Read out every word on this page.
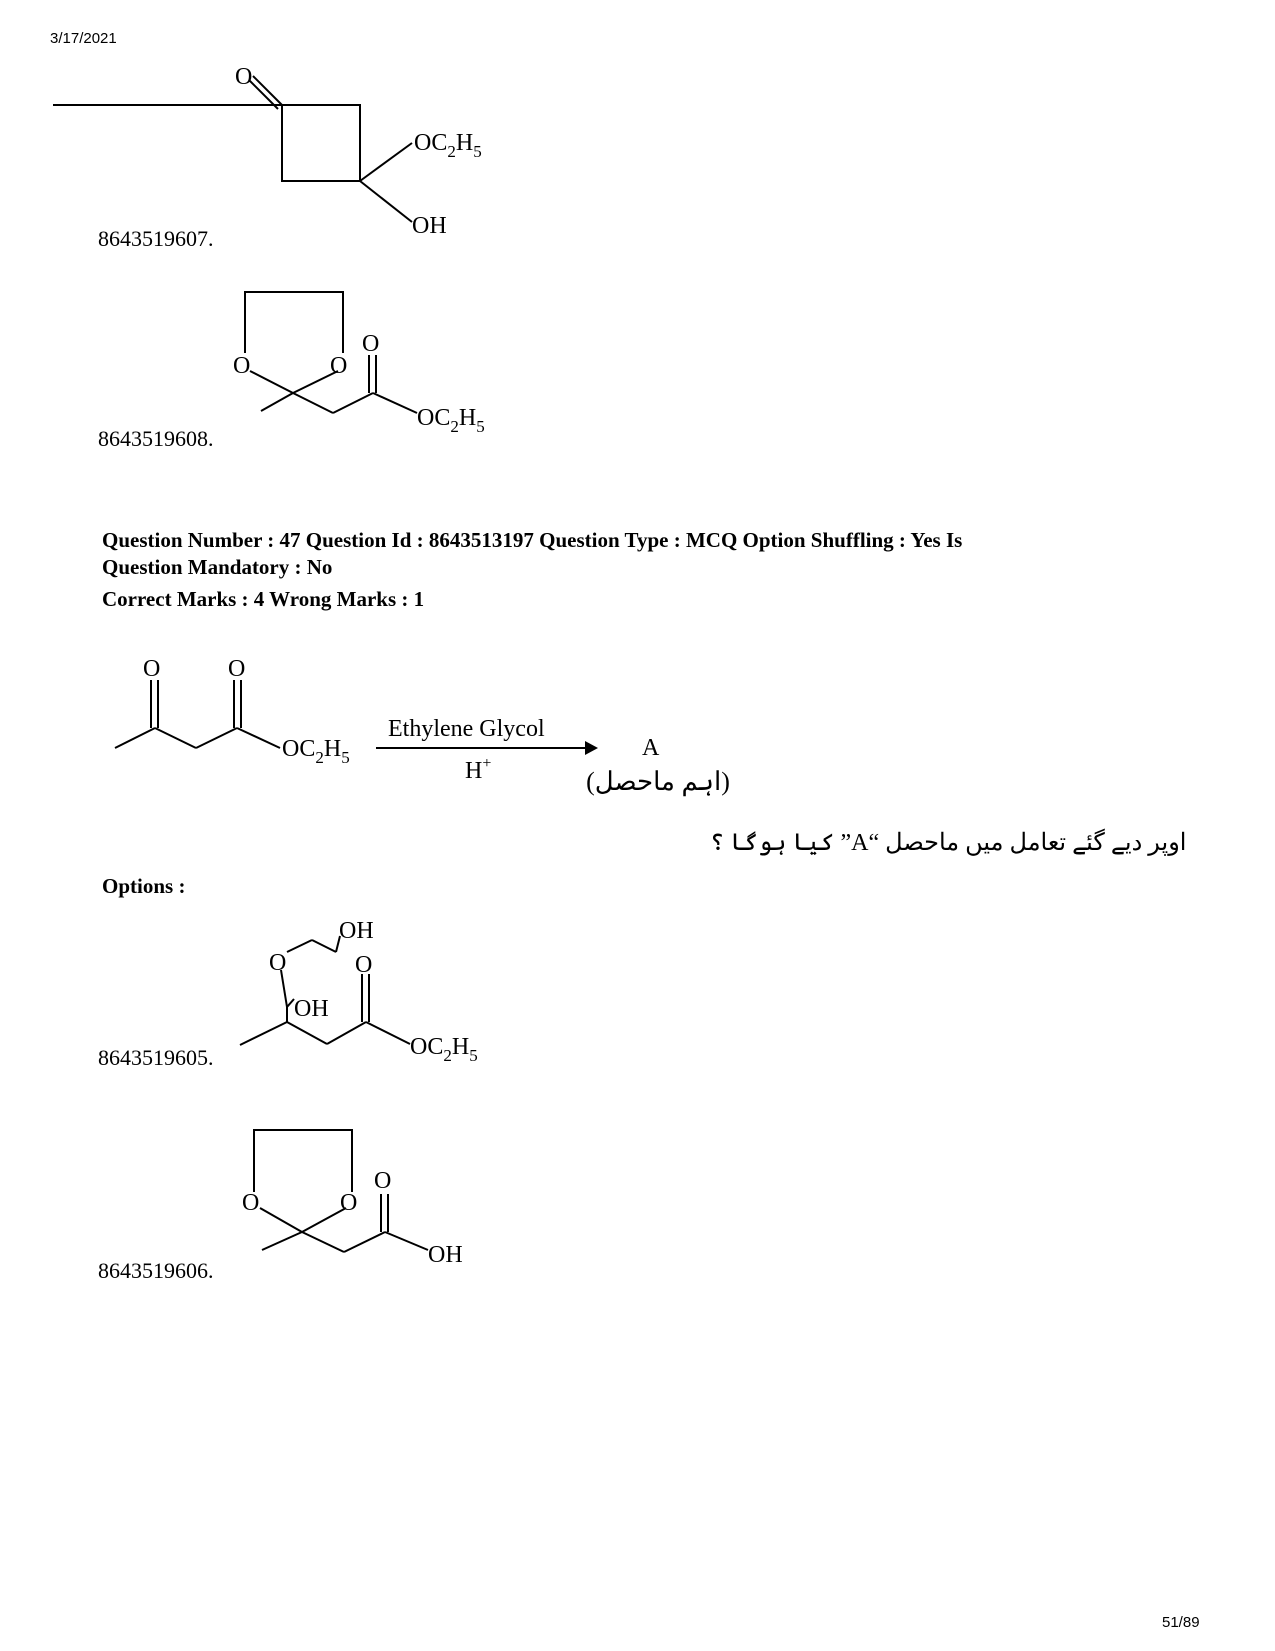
3/17/2021
O
$OC_2H_5$
OH
8643519607.
O	O
O
$OC_2H_5$
8643519608.
Question Number : 47 Question Id : 8643513197 Question Type : MCQ Option Shuffling : Yes Is
Question Mandatory : No
Correct Marks : 4 Wrong Marks : 1
O	O
$OC_2H_5$
Ethylene Glycol
H+
A
(اہم ماحصل)
اوپر دیے گئے تعامل میں ماحصل “A” کیا ہوگا ؟
Options :
OH
O	O
OH
$OC_2H_5$
8643519605.
O	O
O
OH
8643519606.
51/89
